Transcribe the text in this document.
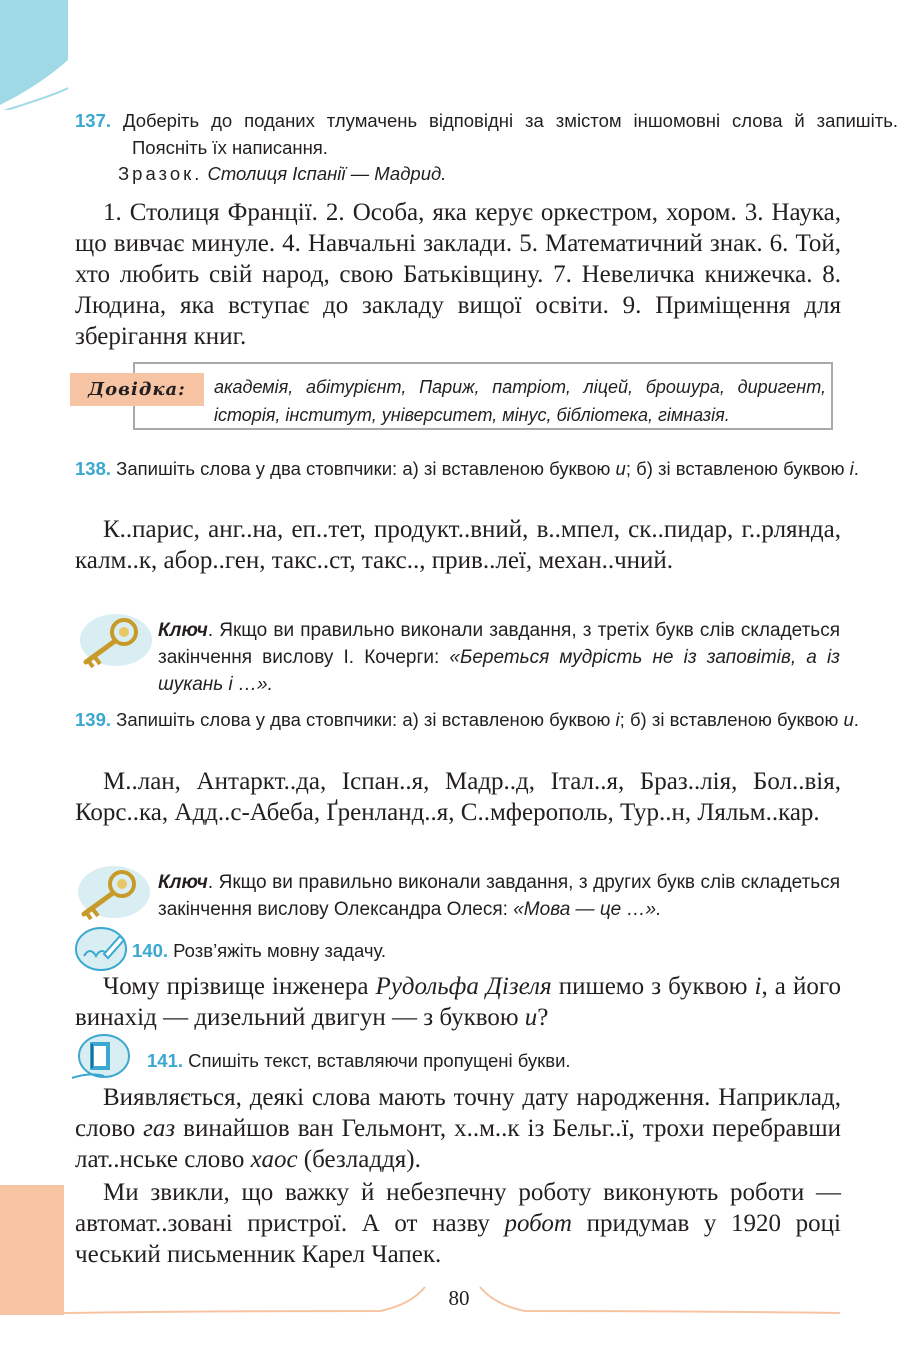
137. Доберіть до поданих тлумачень відповідні за змістом іншомовні слова й запишіть. Поясніть їх написання.
Зразок. Столиця Іспанії — Мадрид.
1. Столиця Франції. 2. Особа, яка керує оркестром, хором. 3. Наука, що вивчає минуле. 4. Навчальні заклади. 5. Математичний знак. 6. Той, хто любить свій народ, свою Батьківщину. 7. Невеличка книжечка. 8. Людина, яка вступає до закладу вищої освіти. 9. Приміщення для зберігання книг.
Довідка:	академія, абітурієнт, Париж, патріот, ліцей, брошура, диригент, історія, інститут, університет, мінус, бібліотека, гімназія.
138. Запишіть слова у два стовпчики: а) зі вставленою буквою и; б) зі вставленою буквою і.
К..парис, анг..на, еп..тет, продукт..вний, в..мпел, ск..пидар, г..рлянда, калм..к, абор..ген, такс..ст, такс.., прив..леї, механ..чний.
Ключ. Якщо ви правильно виконали завдання, з третіх букв слів складеться закінчення вислову І. Кочерги: «Береться мудрість не із заповітів, а із шукань і …».
139. Запишіть слова у два стовпчики: а) зі вставленою буквою і; б) зі вставленою буквою и.
М..лан, Антаркт..да, Іспан..я, Мадр..д, Італ..я, Браз..лія, Бол..вія, Корс..ка, Адд..с-Абеба, Ґренланд..я, С..мферополь, Тур..н, Ляльм..кар.
Ключ. Якщо ви правильно виконали завдання, з других букв слів складеться закінчення вислову Олександра Олеся: «Мова — це …».
140. Розв’яжіть мовну задачу.
Чому прізвище інженера Рудольфа Дізеля пишемо з буквою і, а його винахід — дизельний двигун — з буквою и?
141. Спишіть текст, вставляючи пропущені букви.
Виявляється, деякі слова мають точну дату народження. Наприклад, слово газ винайшов ван Гельмонт, х..м..к із Бельг..ї, трохи перебравши лат..нське слово хаос (безладдя).
Ми звикли, що важку й небезпечну роботу виконують роботи — автомат..зовані пристрої. А от назву робот придумав у 1920 році чеський письменник Карел Чапек.
80
